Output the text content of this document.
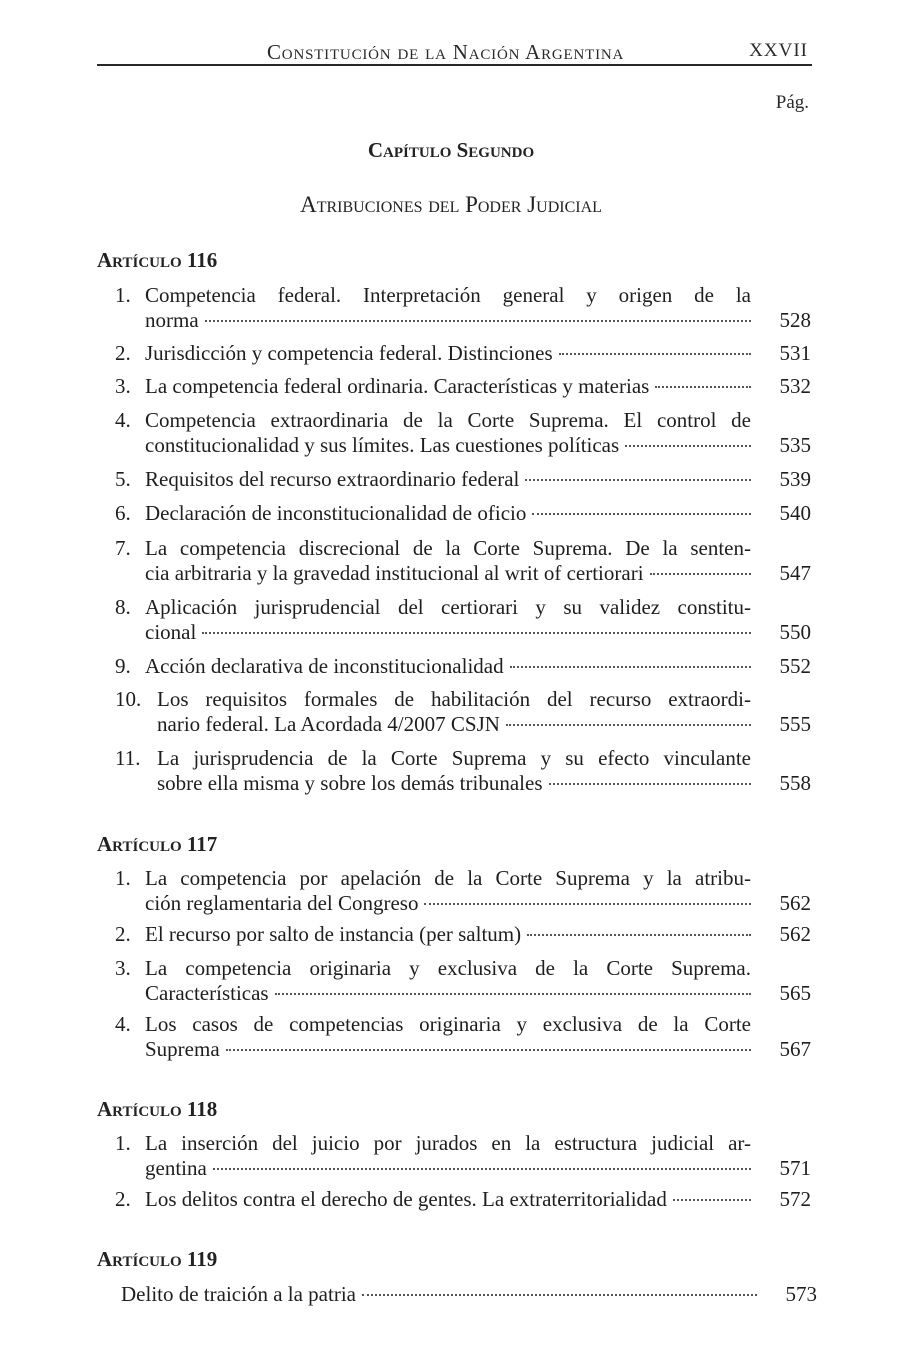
Constitución de la Nación Argentina	XXVII
Pág.
Capítulo Segundo
Atribuciones del Poder Judicial
Artículo 116
1. Competencia federal. Interpretación general y origen de la
norma	528
2. Jurisdicción y competencia federal. Distinciones	531
3. La competencia federal ordinaria. Características y materias	532
4. Competencia extraordinaria de la Corte Suprema. El control de
constitucionalidad y sus límites. Las cuestiones políticas	535
5. Requisitos del recurso extraordinario federal	539
6. Declaración de inconstitucionalidad de oficio	540
7. La competencia discrecional de la Corte Suprema. De la senten-
cia arbitraria y la gravedad institucional al writ of certiorari	547
8. Aplicación jurisprudencial del certiorari y su validez constitu-
cional	550
9. Acción declarativa de inconstitucionalidad	552
10. Los requisitos formales de habilitación del recurso extraordi-
nario federal. La Acordada 4/2007 CSJN	555
11. La jurisprudencia de la Corte Suprema y su efecto vinculante
sobre ella misma y sobre los demás tribunales	558
Artículo 117
1. La competencia por apelación de la Corte Suprema y la atribu-
ción reglamentaria del Congreso	562
2. El recurso por salto de instancia (per saltum)	562
3. La competencia originaria y exclusiva de la Corte Suprema.
Características	565
4. Los casos de competencias originaria y exclusiva de la Corte
Suprema	567
Artículo 118
1. La inserción del juicio por jurados en la estructura judicial ar-
gentina	571
2. Los delitos contra el derecho de gentes. La extraterritorialidad	572
Artículo 119
Delito de traición a la patria	573
